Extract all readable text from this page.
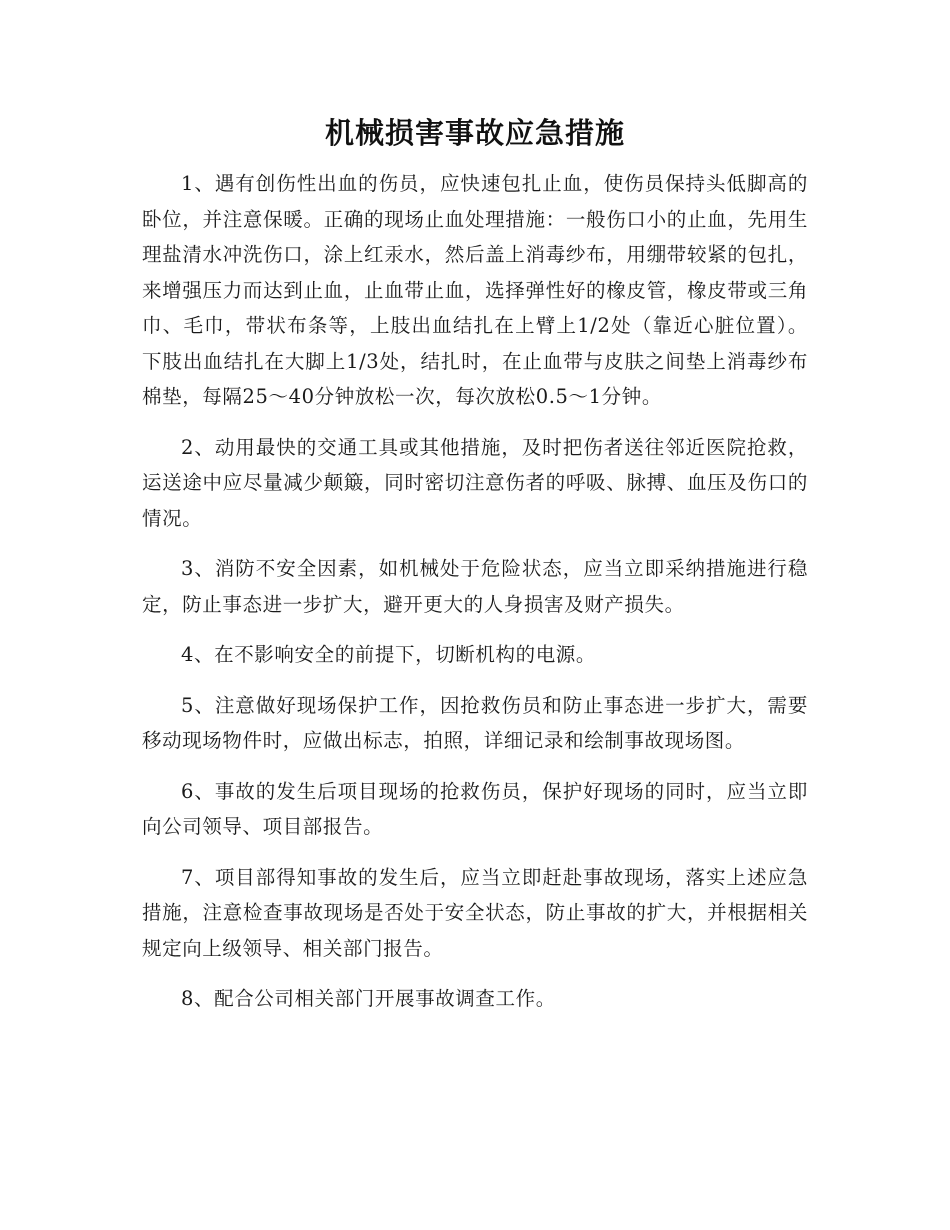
机械损害事故应急措施

1、遇有创伤性出血的伤员，应快速包扎止血，使伤员保持头低脚高的卧位，并注意保暖。正确的现场止血处理措施：一般伤口小的止血，先用生理盐清水冲洗伤口，涂上红汞水，然后盖上消毒纱布，用绷带较紧的包扎，来增强压力而达到止血，止血带止血，选择弹性好的橡皮管，橡皮带或三角巾、毛巾，带状布条等，上肢出血结扎在上臂上1/2处（靠近心脏位置）。下肢出血结扎在大脚上1/3处，结扎时，在止血带与皮肤之间垫上消毒纱布棉垫，每隔25～40分钟放松一次，每次放松0.5～1分钟。

2、动用最快的交通工具或其他措施，及时把伤者送往邻近医院抢救，运送途中应尽量减少颠簸，同时密切注意伤者的呼吸、脉搏、血压及伤口的情况。

3、消防不安全因素，如机械处于危险状态，应当立即采纳措施进行稳定，防止事态进一步扩大，避开更大的人身损害及财产损失。

4、在不影响安全的前提下，切断机构的电源。

5、注意做好现场保护工作，因抢救伤员和防止事态进一步扩大，需要移动现场物件时，应做出标志，拍照，详细记录和绘制事故现场图。

6、事故的发生后项目现场的抢救伤员，保护好现场的同时，应当立即向公司领导、项目部报告。

7、项目部得知事故的发生后，应当立即赶赴事故现场，落实上述应急措施，注意检查事故现场是否处于安全状态，防止事故的扩大，并根据相关规定向上级领导、相关部门报告。

8、配合公司相关部门开展事故调查工作。
